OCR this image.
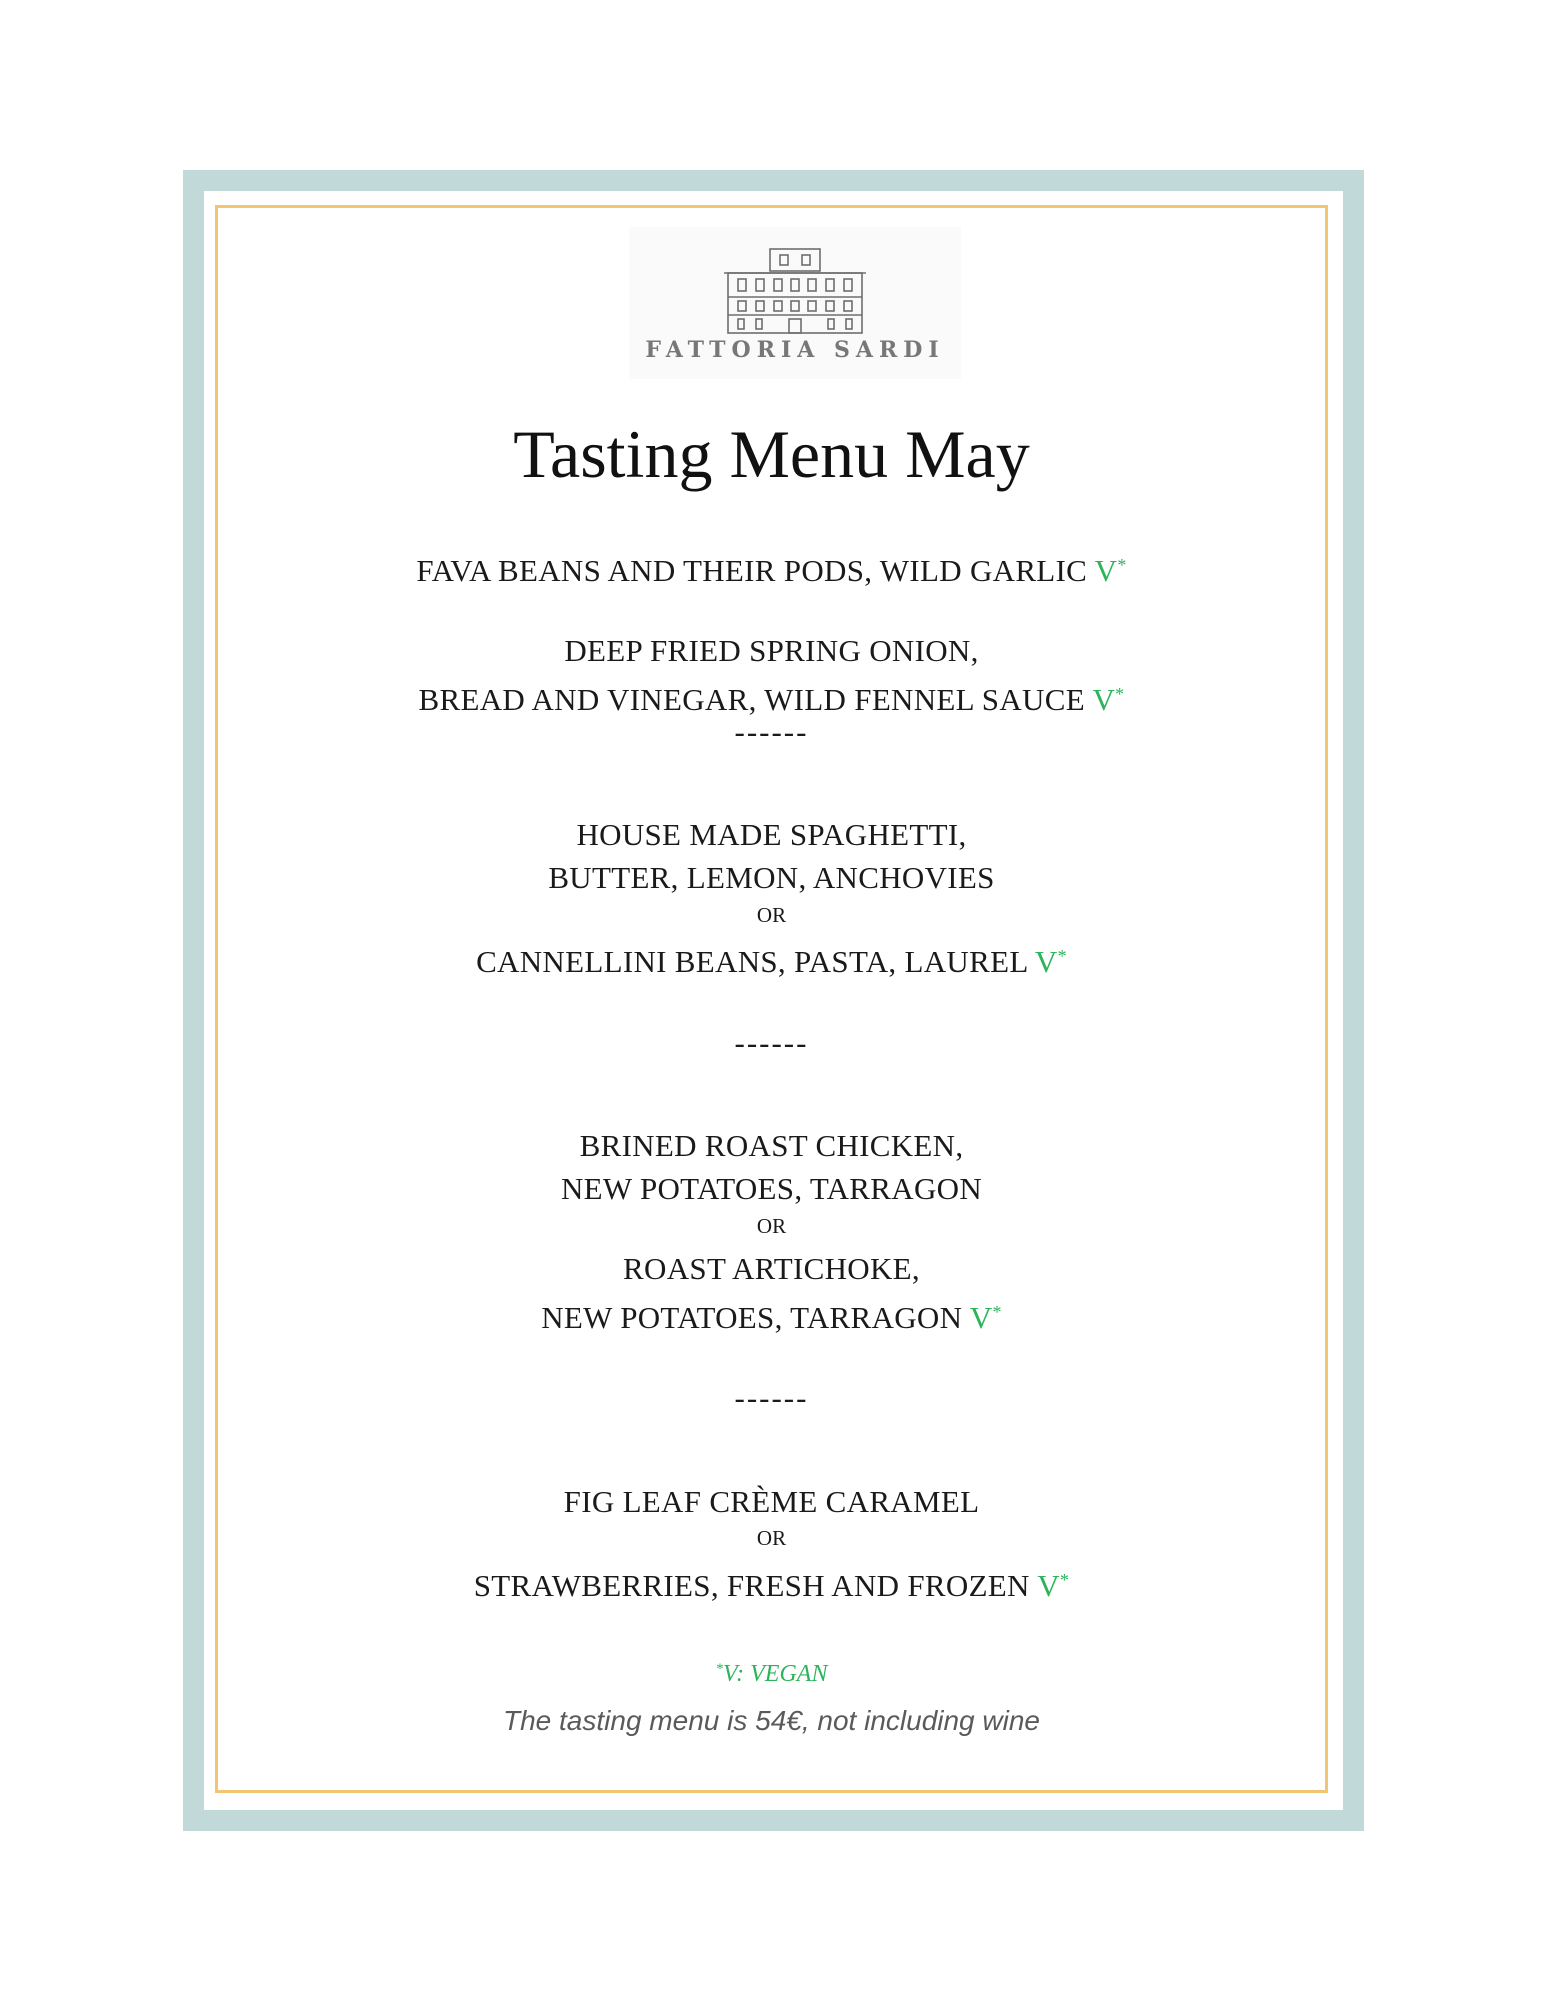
FATTORIA SARDI
Tasting Menu May
FAVA BEANS AND THEIR PODS, WILD GARLIC V*
DEEP FRIED SPRING ONION,
BREAD AND VINEGAR, WILD FENNEL SAUCE V*
------
HOUSE MADE SPAGHETTI,
BUTTER, LEMON, ANCHOVIES
OR
CANNELLINI BEANS, PASTA, LAUREL V*
------
BRINED ROAST CHICKEN,
NEW POTATOES, TARRAGON
OR
ROAST ARTICHOKE,
NEW POTATOES, TARRAGON V*
------
FIG LEAF CRÈME CARAMEL
OR
STRAWBERRIES, FRESH AND FROZEN V*
*V: VEGAN
The tasting menu is 54€, not including wine
